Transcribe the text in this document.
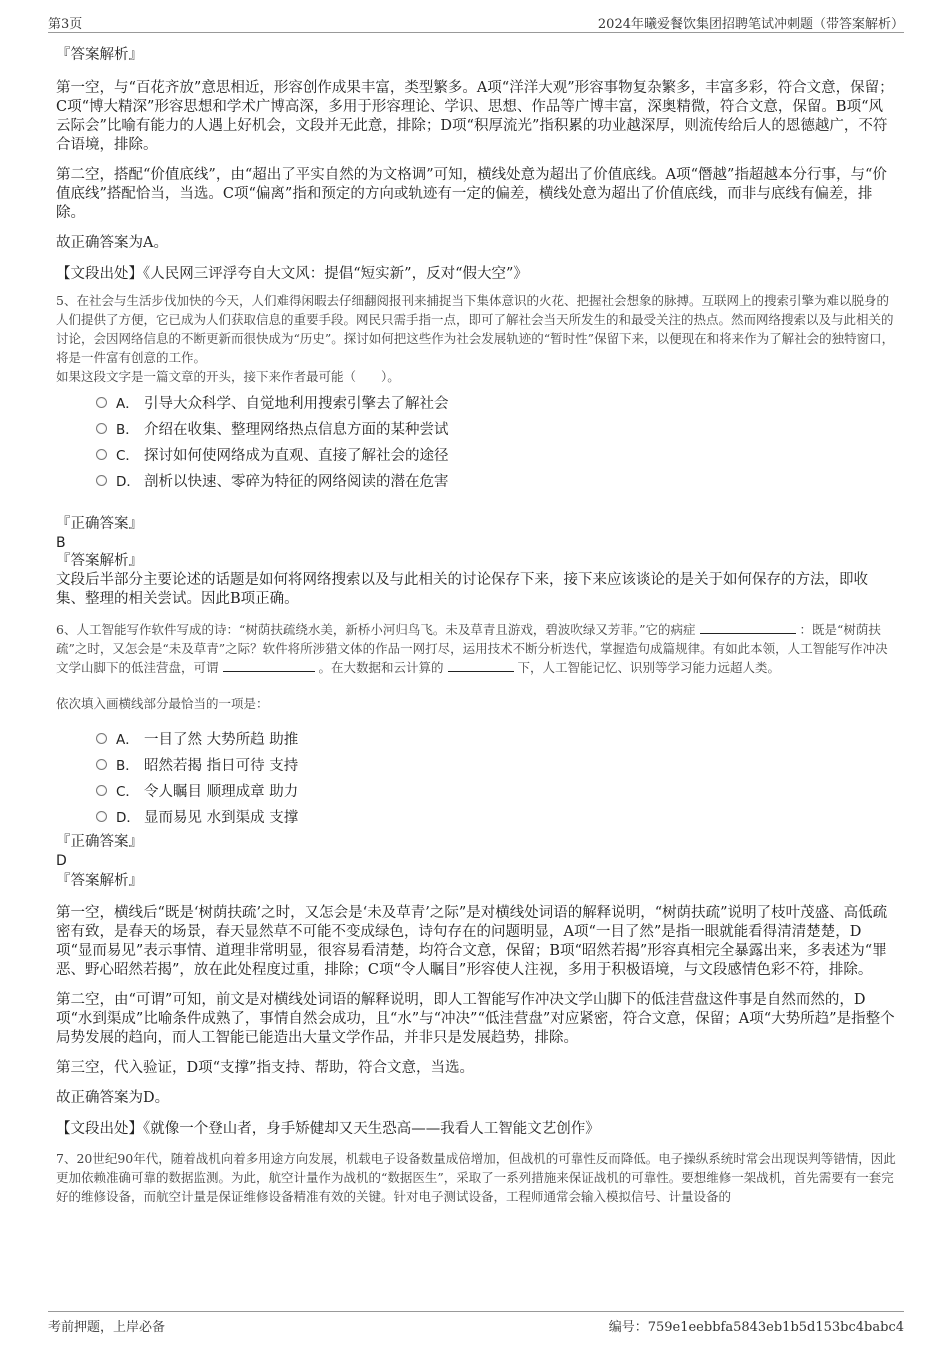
第3页	2024年曦爱餐饮集团招聘笔试冲刺题（带答案解析）

『答案解析』

第一空，与“百花齐放”意思相近，形容创作成果丰富，类型繁多。A项“洋洋大观”形容事物复杂繁多，丰富多彩，符合文意，保留；C项“博大精深”形容思想和学术广博高深，多用于形容理论、学识、思想、作品等广博丰富，深奥精微，符合文意，保留。B项“风云际会”比喻有能力的人遇上好机会，文段并无此意，排除；D项“积厚流光”指积累的功业越深厚，则流传给后人的恩德越广，不符合语境，排除。

第二空，搭配“价值底线”，由“超出了平实自然的为文格调”可知，横线处意为超出了价值底线。A项“僭越”指超越本分行事，与“价值底线”搭配恰当，当选。C项“偏离”指和预定的方向或轨迹有一定的偏差，横线处意为超出了价值底线，而非与底线有偏差，排除。

故正确答案为A。

【文段出处】《人民网三评浮夸自大文风：提倡“短实新”，反对“假大空”》

5、在社会与生活步伐加快的今天，人们难得闲暇去仔细翻阅报刊来捕捉当下集体意识的火花、把握社会想象的脉搏。互联网上的搜索引擎为难以脱身的人们提供了方便，它已成为人们获取信息的重要手段。网民只需手指一点，即可了解社会当天所发生的和最受关注的热点。然而网络搜索以及与此相关的讨论，会因网络信息的不断更新而很快成为“历史”。探讨如何把这些作为社会发展轨迹的“暂时性”保留下来，以便现在和将来作为了解社会的独特窗口，将是一件富有创意的工作。

如果这段文字是一篇文章的开头，接下来作者最可能（　　）。

A． 引导大众科学、自觉地利用搜索引擎去了解社会
B． 介绍在收集、整理网络热点信息方面的某种尝试
C． 探讨如何使网络成为直观、直接了解社会的途径
D． 剖析以快速、零碎为特征的网络阅读的潜在危害

『正确答案』

B

『答案解析』

文段后半部分主要论述的话题是如何将网络搜索以及与此相关的讨论保存下来，接下来应该谈论的是关于如何保存的方法，即收集、整理的相关尝试。因此B项正确。

6、人工智能写作软件写成的诗：“树荫扶疏绕水美，新桥小河归鸟飞。未及草青且游戏，碧波吹绿又芳菲。”它的病症	：既是“树荫扶疏”之时，又怎会是“未及草青”之际？软件将所涉猎文体的作品一网打尽，运用技术不断分析迭代，掌握造句成篇规律。有如此本领，人工智能写作冲决文学山脚下的低洼营盘，可谓	。在大数据和云计算的	下，人工智能记忆、识别等学习能力远超人类。

依次填入画横线部分最恰当的一项是：

A． 一目了然 大势所趋 助推
B． 昭然若揭 指日可待 支持
C． 令人瞩目 顺理成章 助力
D． 显而易见 水到渠成 支撑

『正确答案』

D

『答案解析』

第一空，横线后“既是‘树荫扶疏’之时，又怎会是‘未及草青’之际”是对横线处词语的解释说明，“树荫扶疏”说明了枝叶茂盛、高低疏密有致，是春天的场景，春天显然草不可能不变成绿色，诗句存在的问题明显，A项“一目了然”是指一眼就能看得清清楚楚，D项“显而易见”表示事情、道理非常明显，很容易看清楚，均符合文意，保留；B项“昭然若揭”形容真相完全暴露出来，多表述为“罪恶、野心昭然若揭”，放在此处程度过重，排除；C项“令人瞩目”形容使人注视，多用于积极语境，与文段感情色彩不符，排除。

第二空，由“可谓”可知，前文是对横线处词语的解释说明，即人工智能写作冲决文学山脚下的低洼营盘这件事是自然而然的，D项“水到渠成”比喻条件成熟了，事情自然会成功，且“水”与“冲决”“低洼营盘”对应紧密，符合文意，保留；A项“大势所趋”是指整个局势发展的趋向，而人工智能已能造出大量文学作品，并非只是发展趋势，排除。

第三空，代入验证，D项“支撑”指支持、帮助，符合文意，当选。

故正确答案为D。

【文段出处】《就像一个登山者，身手矫健却又天生恐高——我看人工智能文艺创作》

7、20世纪90年代，随着战机向着多用途方向发展，机载电子设备数量成倍增加，但战机的可靠性反而降低。电子操纵系统时常会出现误判等错情，因此更加依赖准确可靠的数据监测。为此，航空计量作为战机的“数据医生”，采取了一系列措施来保证战机的可靠性。要想维修一架战机，首先需要有一套完好的维修设备，而航空计量是保证维修设备精准有效的关键。针对电子测试设备，工程师通常会输入模拟信号、计量设备的

考前押题，上岸必备	编号：759e1eebbfa5843eb1b5d153bc4babc4
